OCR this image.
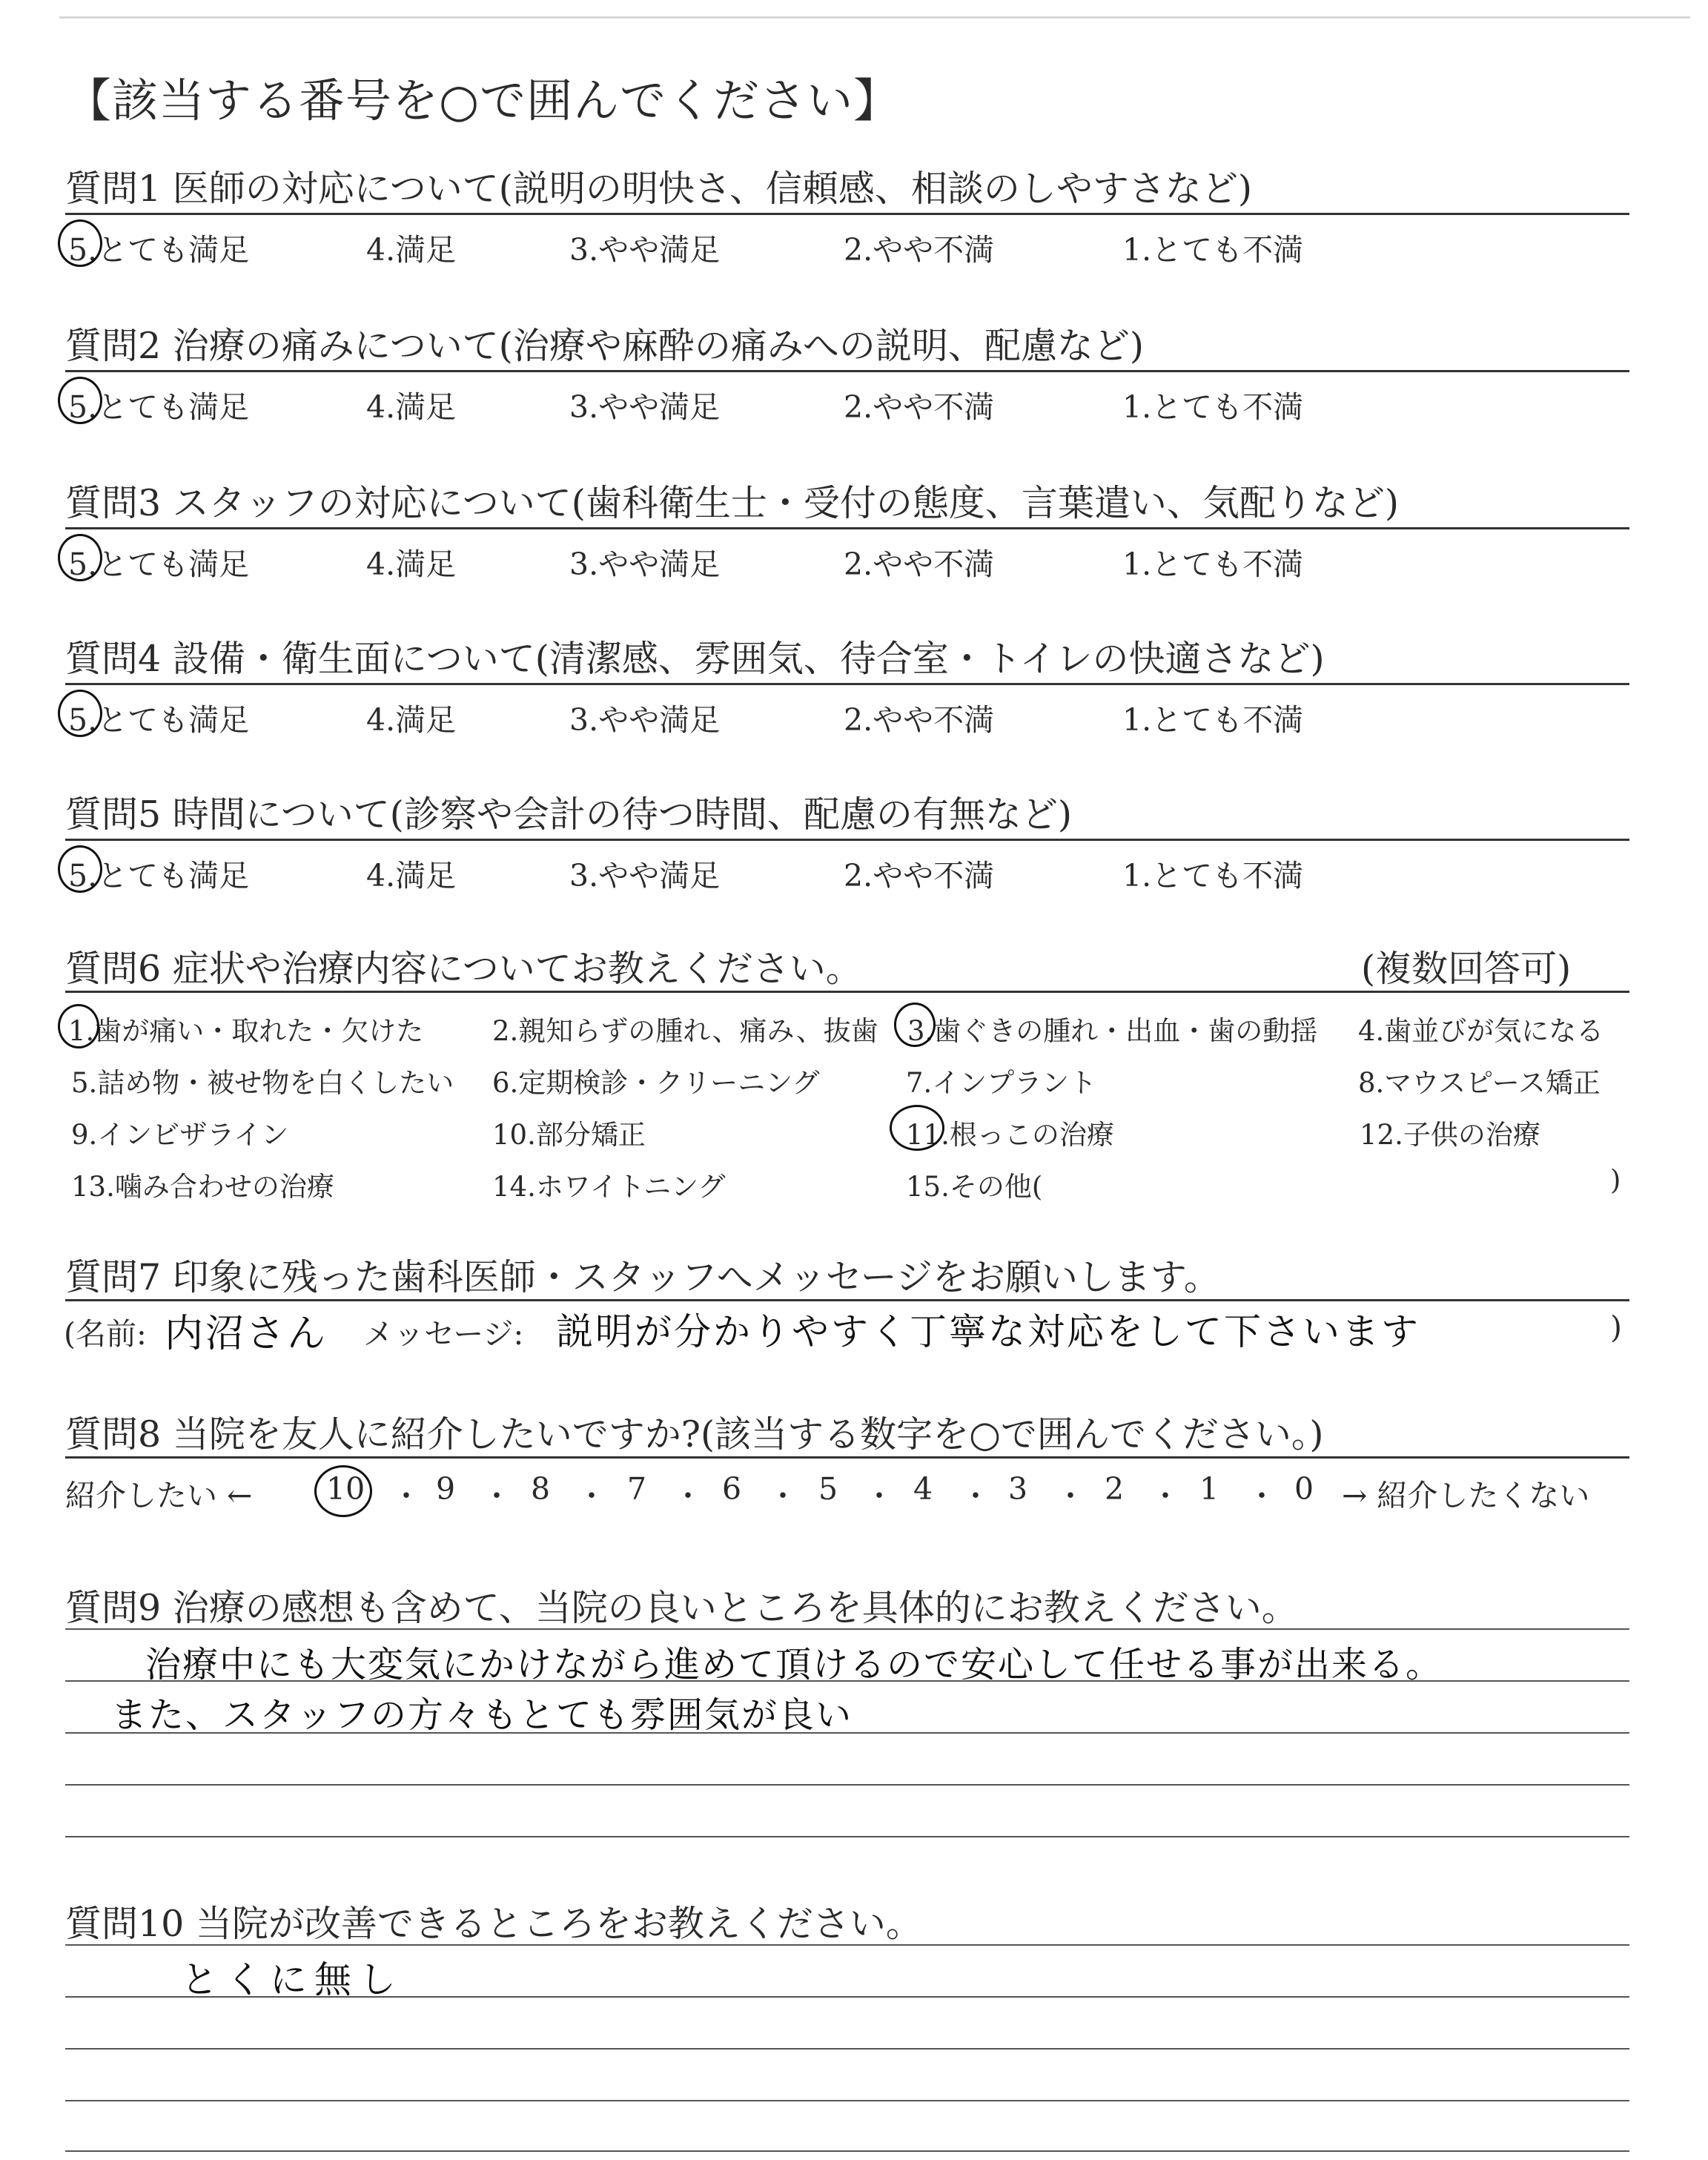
【該当する番号を○で囲んでください】
質問1 医師の対応について(説明の明快さ、信頼感、相談のしやすさなど)
5.とても満足	4.満足	3.やや満足	2.やや不満	1.とても不満
質問2 治療の痛みについて(治療や麻酔の痛みへの説明、配慮など)
5.とても満足	4.満足	3.やや満足	2.やや不満	1.とても不満
質問3 スタッフの対応について(歯科衛生士・受付の態度、言葉遣い、気配りなど)
5.とても満足	4.満足	3.やや満足	2.やや不満	1.とても不満
質問4 設備・衛生面について(清潔感、雰囲気、待合室・トイレの快適さなど)
5.とても満足	4.満足	3.やや満足	2.やや不満	1.とても不満
質問5 時間について(診察や会計の待つ時間、配慮の有無など)
5.とても満足	4.満足	3.やや満足	2.やや不満	1.とても不満
質問6 症状や治療内容についてお教えください。	(複数回答可)
1.歯が痛い・取れた・欠けた	2.親知らずの腫れ、痛み、抜歯 3.歯ぐきの腫れ・出血・歯の動揺 4.歯並びが気になる
5.詰め物・被せ物を白くしたい 6.定期検診・クリーニング	7.インプラント	8.マウスピース矯正
9.インビザライン	10.部分矯正	11.根っこの治療	12.子供の治療
13.噛み合わせの治療	14.ホワイトニング	15.その他(	)
質問7 印象に残った歯科医師・スタッフへメッセージをお願いします。
(名前: 内沼さん メッセージ: 説明が分かりやすく丁寧な対応をして下さいます	)
質問8 当院を友人に紹介したいですか?(該当する数字を○で囲んでください。)
紹介したい ← 10 ・ 9 ・ 8 ・ 7 ・ 6 ・ 5 ・ 4 ・ 3 ・ 2 ・ 1 ・ 0 → 紹介したくない
質問9 治療の感想も含めて、当院の良いところを具体的にお教えください。
治療中にも大変気にかけながら進めて頂けるので安心して任せる事が出来る。
また、スタッフの方々もとても雰囲気が良い
質問10 当院が改善できるところをお教えください。
とくに無し
